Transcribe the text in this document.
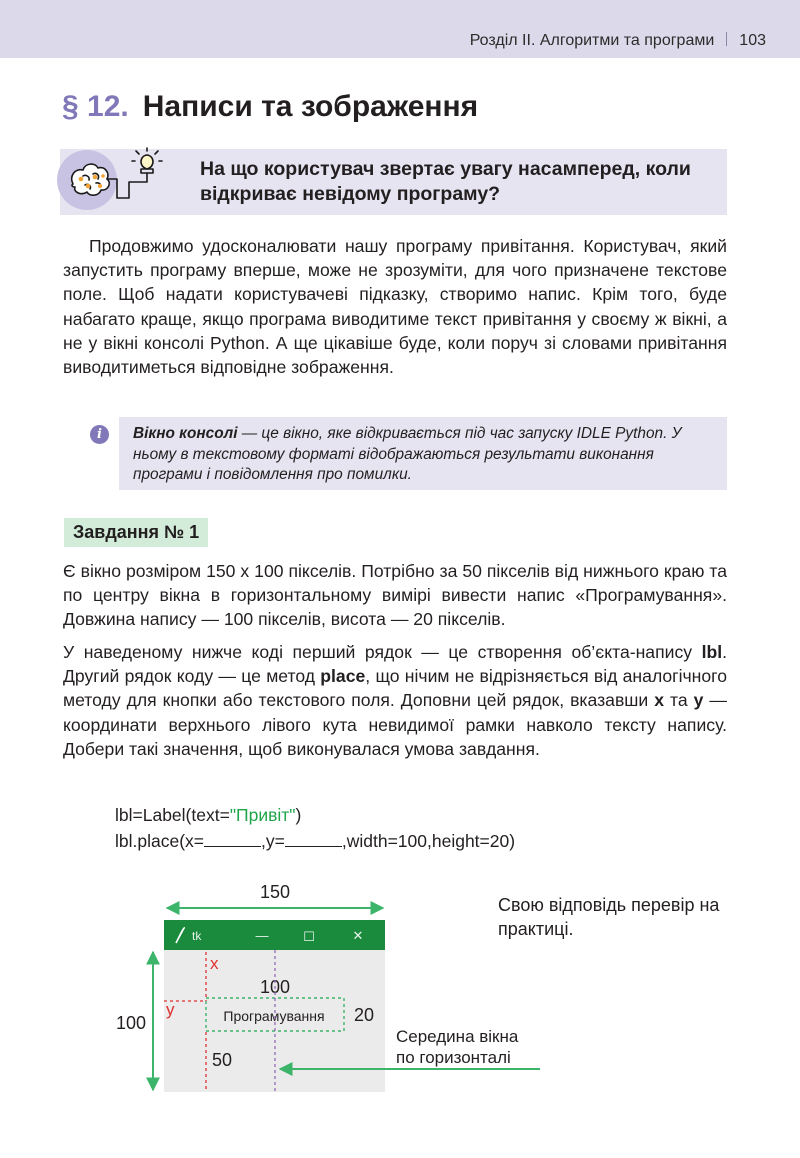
Розділ ІІ. Алгоритми та програми 103
§ 12. Написи та зображення
На що користувач звертає увагу насамперед, коли відкриває невідому програму?
Продовжимо удосконалювати нашу програму привітання. Користувач, який запустить програму вперше, може не зрозуміти, для чого призначене текстове поле. Щоб надати користувачеві підказку, створимо напис. Крім того, буде набагато краще, якщо програма виводитиме текст привітання у своєму ж вікні, а не у вікні консолі Python. А ще цікавіше буде, коли поруч зі словами привітання виводитиметься відповідне зображення.
i	Вікно консолі — це вікно, яке відкривається під час запуску IDLE Python. У ньому в текстовому форматі відображаються результати виконання програми і повідомлення про помилки.
Завдання № 1
Є вікно розміром 150 x 100 пікселів. Потрібно за 50 пікселів від нижнього краю та по центру вікна в горизонтальному вимірі вивести напис «Програмування». Довжина напису — 100 пікселів, висота — 20 пікселів.
У наведеному нижче коді перший рядок — це створення об’єкта-напису lbl. Другий рядок коду — це метод place, що нічим не відрізняється від аналогічного методу для кнопки або текстового поля. Доповни цей рядок, вказавши x та y — координати верхнього лівого кута невидимої рамки навколо тексту напису. Добери такі значення, щоб виконувалася умова завдання.
lbl=Label(text="Привіт")
lbl.place(x=	,y=	,width=100,height=20)
150
tk	—	☐	✕
100
x
y
100
20
Програмування
50
Середина вікна
по горизонталі
Свою відповідь перевір на практиці.
